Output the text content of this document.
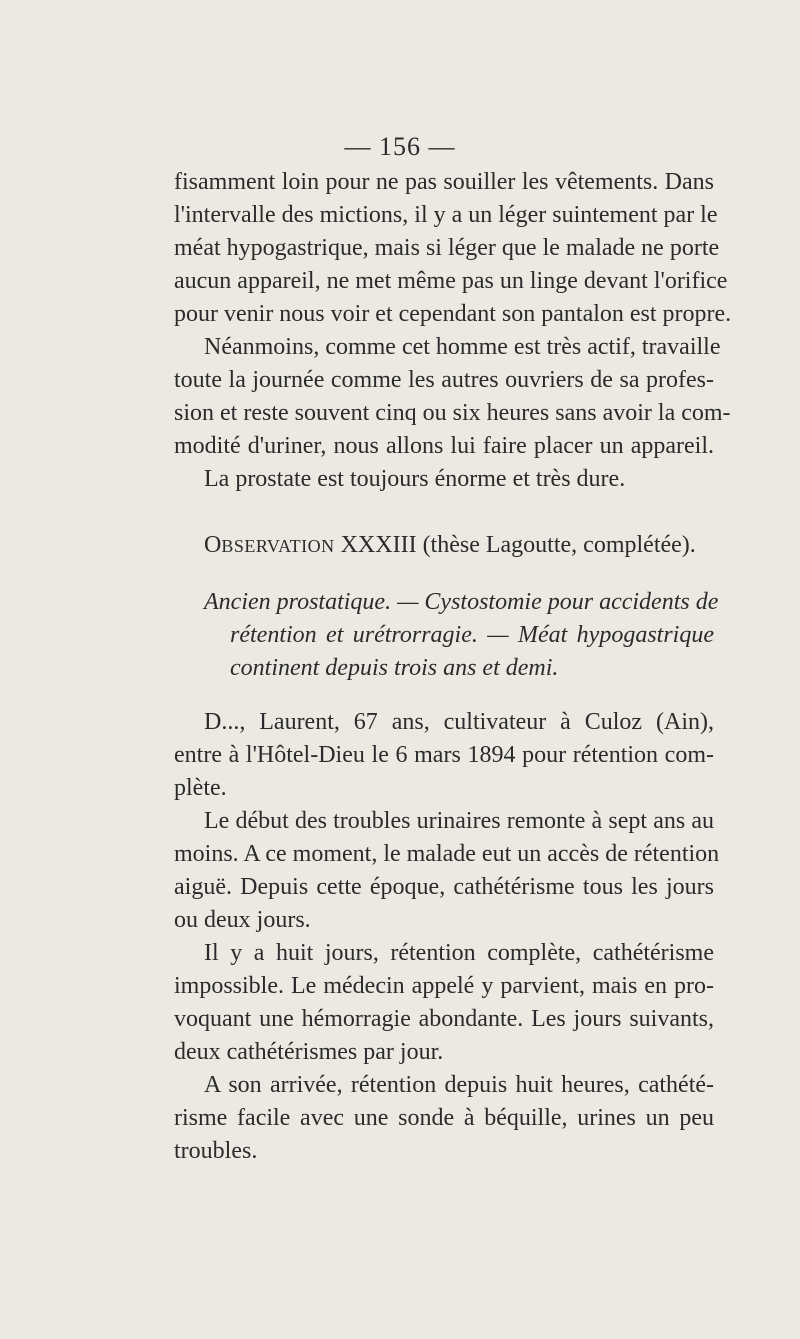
— 156 —
fisamment loin pour ne pas souiller les vêtements. Dans
l'intervalle des mictions, il y a un léger suintement par le
méat hypogastrique, mais si léger que le malade ne porte
aucun appareil, ne met même pas un linge devant l'orifice
pour venir nous voir et cependant son pantalon est propre.
Néanmoins, comme cet homme est très actif, travaille
toute la journée comme les autres ouvriers de sa profes-
sion et reste souvent cinq ou six heures sans avoir la com-
modité d'uriner, nous allons lui faire placer un appareil.
La prostate est toujours énorme et très dure.
OBSERVATION XXXIII (thèse Lagoutte, complétée).
Ancien prostatique. — Cystostomie pour accidents de
rétention et urétrorragie. — Méat hypogastrique
continent depuis trois ans et demi.
D..., Laurent, 67 ans, cultivateur à Culoz (Ain),
entre à l'Hôtel-Dieu le 6 mars 1894 pour rétention com-
plète.
Le début des troubles urinaires remonte à sept ans au
moins. A ce moment, le malade eut un accès de rétention
aiguë. Depuis cette époque, cathétérisme tous les jours
ou deux jours.
Il y a huit jours, rétention complète, cathétérisme
impossible. Le médecin appelé y parvient, mais en pro-
voquant une hémorragie abondante. Les jours suivants,
deux cathétérismes par jour.
A son arrivée, rétention depuis huit heures, cathété-
risme facile avec une sonde à béquille, urines un peu
troubles.
